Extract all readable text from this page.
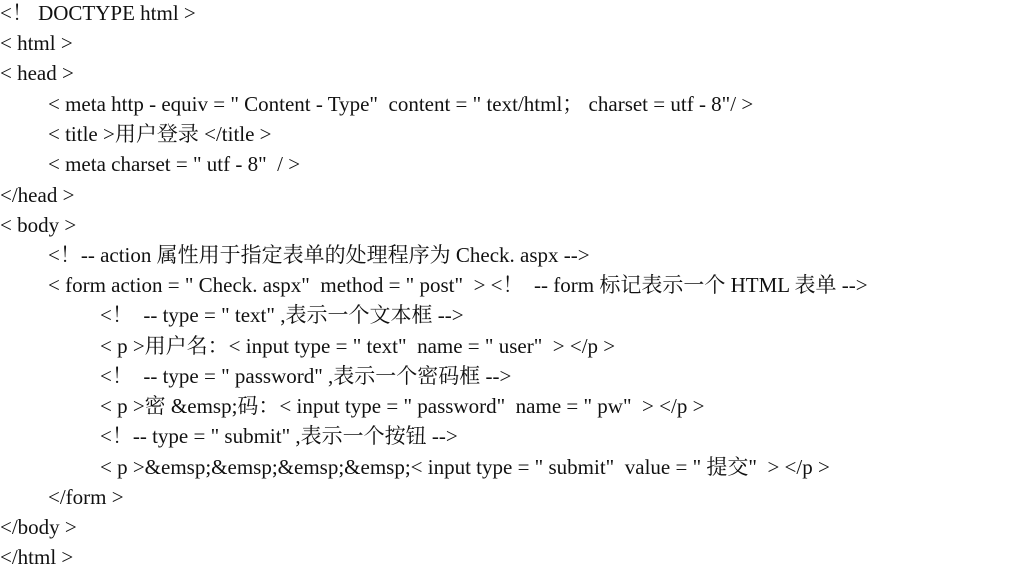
<！ DOCTYPE html >
< html >
< head >
< meta http - equiv = " Content - Type"  content = " text/html； charset = utf - 8"/ >
< title >用户登录 </title >
< meta charset = " utf - 8"  / >
</head >
< body >
<！-- action 属性用于指定表单的处理程序为 Check. aspx -->
< form action = " Check. aspx"  method = " post"  > <！  -- form 标记表示一个 HTML 表单 -->
<！  -- type = " text" ,表示一个文本框 -->
< p >用户名：< input type = " text"  name = " user"  > </p >
<！  -- type = " password" ,表示一个密码框 -->
< p >密 &emsp;码：< input type = " password"  name = " pw"  > </p >
<！-- type = " submit" ,表示一个按钮 -->
< p >&emsp;&emsp;&emsp;&emsp;< input type = " submit"  value = " 提交"  > </p >
</form >
</body >
</html >
